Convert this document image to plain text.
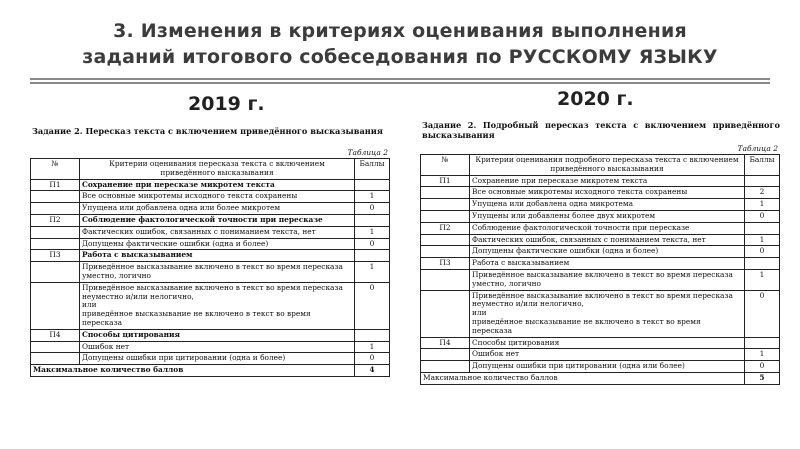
3. Изменения в критериях оценивания выполнения
заданий итогового собеседования по РУССКОМУ ЯЗЫКУ
Задание 2. Пересказ текста с включением приведённого высказывания
Таблица 2
№	Критерии оценивания пересказа текста с включением приведённого высказывания	Баллы
П1	Сохранение при пересказе микротем текста	
	Все основные микротемы исходного текста сохранены	1
	Упущена или добавлена одна или более микротем	0
П2	Соблюдение фактологической точности при пересказе	
	Фактических ошибок, связанных с пониманием текста, нет	1
	Допущены фактические ошибки (одна и более)	0
П3	Работа с высказыванием	
	Приведённое высказывание включено в текст во время пересказа уместно, логично	1

	Приведённое высказывание включено в текст во время пересказа неуместно и/или нелогично,
или
приведённое высказывание не включено в текст во время пересказа	0
П4	Способы цитирования	
	Ошибок нет	1
	Допущены ошибки при цитировании (одна и более)	0
Максимальное количество баллов		4
2019 г.
Задание 2. Подробный пересказ текста с включением приведённого высказывания
Таблица 2
№	Критерии оценивания подробного пересказа текста с включением приведённого высказывания	Баллы
П1	Сохранение при пересказе микротем текста	
	Все основные микротемы исходного текста сохранены	2
	Упущена или добавлена одна микротема	1
	Упущены или добавлены более двух микротем	0
П2	Соблюдение фактологической точности при пересказе	
	Фактических ошибок, связанных с пониманием текста, нет	1
	Допущены фактические ошибки (одна и более)	0
П3	Работа с высказыванием	
	Приведённое высказывание включено в текст во время пересказа уместно, логично	1

	Приведённое высказывание включено в текст во время пересказа неуместно и/или нелогично,
или
приведённое высказывание не включено в текст во время пересказа	0
П4	Способы цитирования	
	Ошибок нет	1
	Допущены ошибки при цитировании (одна или более)	0
Максимальное количество баллов		5
2020 г.
